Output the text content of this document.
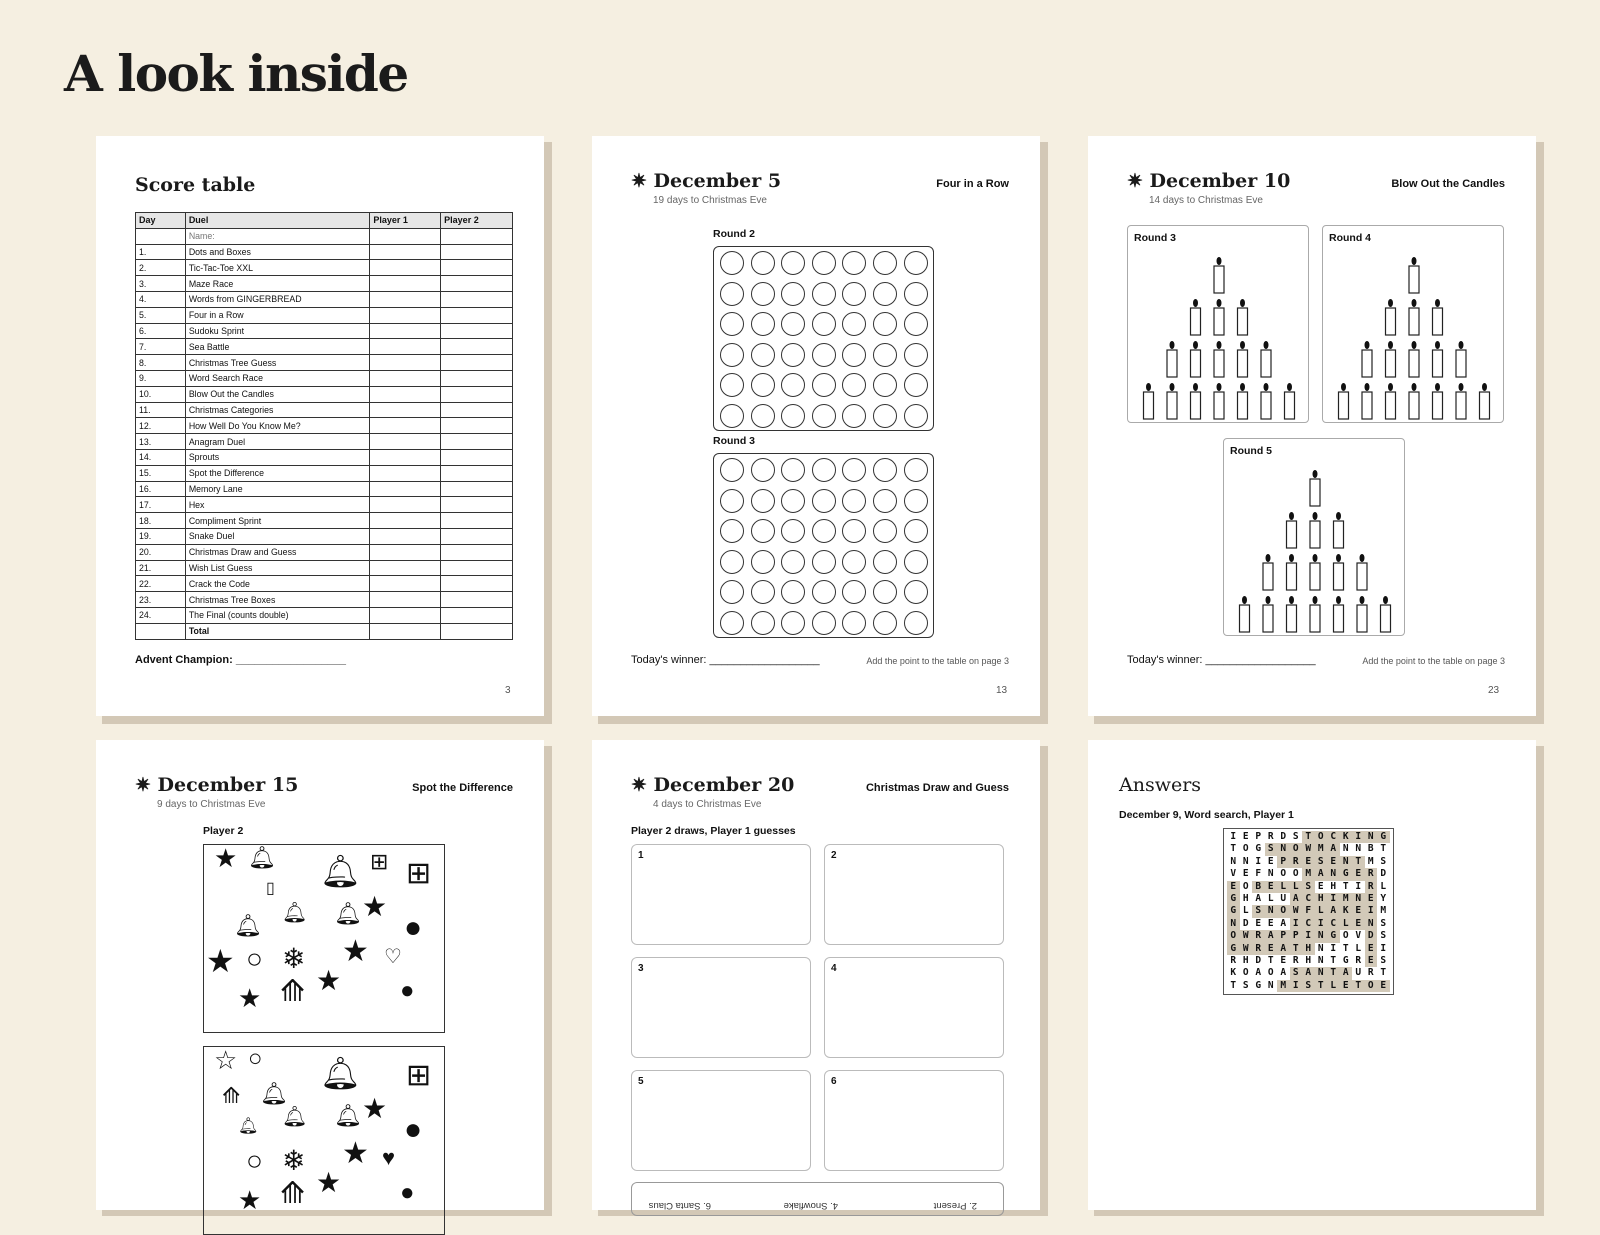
A look inside
Score table
Day	Duel	Player 1	Player 2
	Name:		
1.	Dots and Boxes		
2.	Tic-Tac-Toe XXL		
3.	Maze Race		
4.	Words from GINGERBREAD		
5.	Four in a Row		
6.	Sudoku Sprint		
7.	Sea Battle		
8.	Christmas Tree Guess		
9.	Word Search Race		
10.	Blow Out the Candles		
11.	Christmas Categories		
12.	How Well Do You Know Me?		
13.	Anagram Duel		
14.	Sprouts		
15.	Spot the Difference		
16.	Memory Lane		
17.	Hex		
18.	Compliment Sprint		
19.	Snake Duel		
20.	Christmas Draw and Guess		
21.	Wish List Guess		
22.	Crack the Code		
23.	Christmas Tree Boxes		
24.	The Final (counts double)		
	Total		
Advent Champion: __________________
3
✷ December 5
19 days to Christmas Eve
Four in a Row
Round 2
Round 3
Today's winner: __________________	Add the point to the table on page 3
13
✷ December 10
14 days to Christmas Eve
Blow Out the Candles
Round 3	Round 4
Round 5
Today's winner: __________________	Add the point to the table on page 3
23
✷ December 15
9 days to Christmas Eve
Spot the Difference
Player 2
★ 🔔︎ 🔔︎ ⊞ ⊞
▯
🔔︎ 🔔︎ ★
🔔︎	●
★ ○ ❄ ★ ♡
★
★ ⟰	●
☆ ○ 🔔︎ ⊞
⟰ 🔔︎
🔔︎ 🔔︎ ★
🔔︎	●
○ ❄ ★ ♥
★
★ ⟰	●
✷ December 20
4 days to Christmas Eve
Christmas Draw and Guess
Player 2 draws, Player 1 guesses
1	2
3	4
5	6
2. Present
4. Snowflake
6. Santa Claus
Answers
December 9, Word search, Player 1
I E P R D S T O C K I N G
T O G S N O W M A N N B T
N N I E P R E S E N T M S
V E F N O O M A N G E R D
E O B E L L S E H T I R L
G H A L U A C H I M N E Y
G L S N O W F L A K E I M
N D E E A I C I C L E N S
O W R A P P I N G O V D S
G W R E A T H N I T L E I
R H D T E R H N T G R E S
K O A O A S A N T A U R T
T S G N M I S T L E T O E
